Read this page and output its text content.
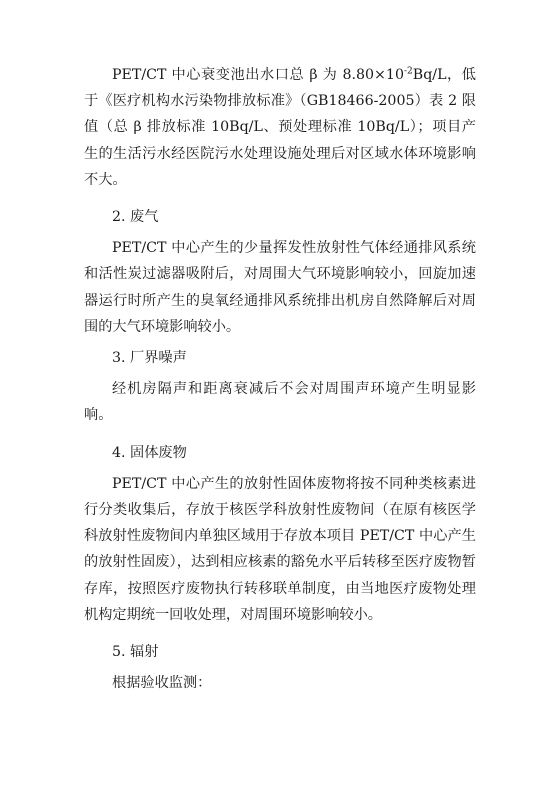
PET/CT 中心衰变池出水口总 β 为 $8.80\times 10^{-2}Bq/L$，低于《医疗机构水污染物排放标准》（GB18466-2005）表 2 限值（总 β 排放标准 10Bq/L、预处理标准 10Bq/L）；项目产生的生活污水经医院污水处理设施处理后对区域水体环境影响不大。

2. 废气

PET/CT 中心产生的少量挥发性放射性气体经通排风系统和活性炭过滤器吸附后，对周围大气环境影响较小，回旋加速器运行时所产生的臭氧经通排风系统排出机房自然降解后对周围的大气环境影响较小。

3. 厂界噪声

经机房隔声和距离衰减后不会对周围声环境产生明显影响。

4. 固体废物

PET/CT 中心产生的放射性固体废物将按不同种类核素进行分类收集后，存放于核医学科放射性废物间（在原有核医学科放射性废物间内单独区域用于存放本项目 PET/CT 中心产生的放射性固废），达到相应核素的豁免水平后转移至医疗废物暂存库，按照医疗废物执行转移联单制度，由当地医疗废物处理机构定期统一回收处理，对周围环境影响较小。

5. 辐射

根据验收监测：
